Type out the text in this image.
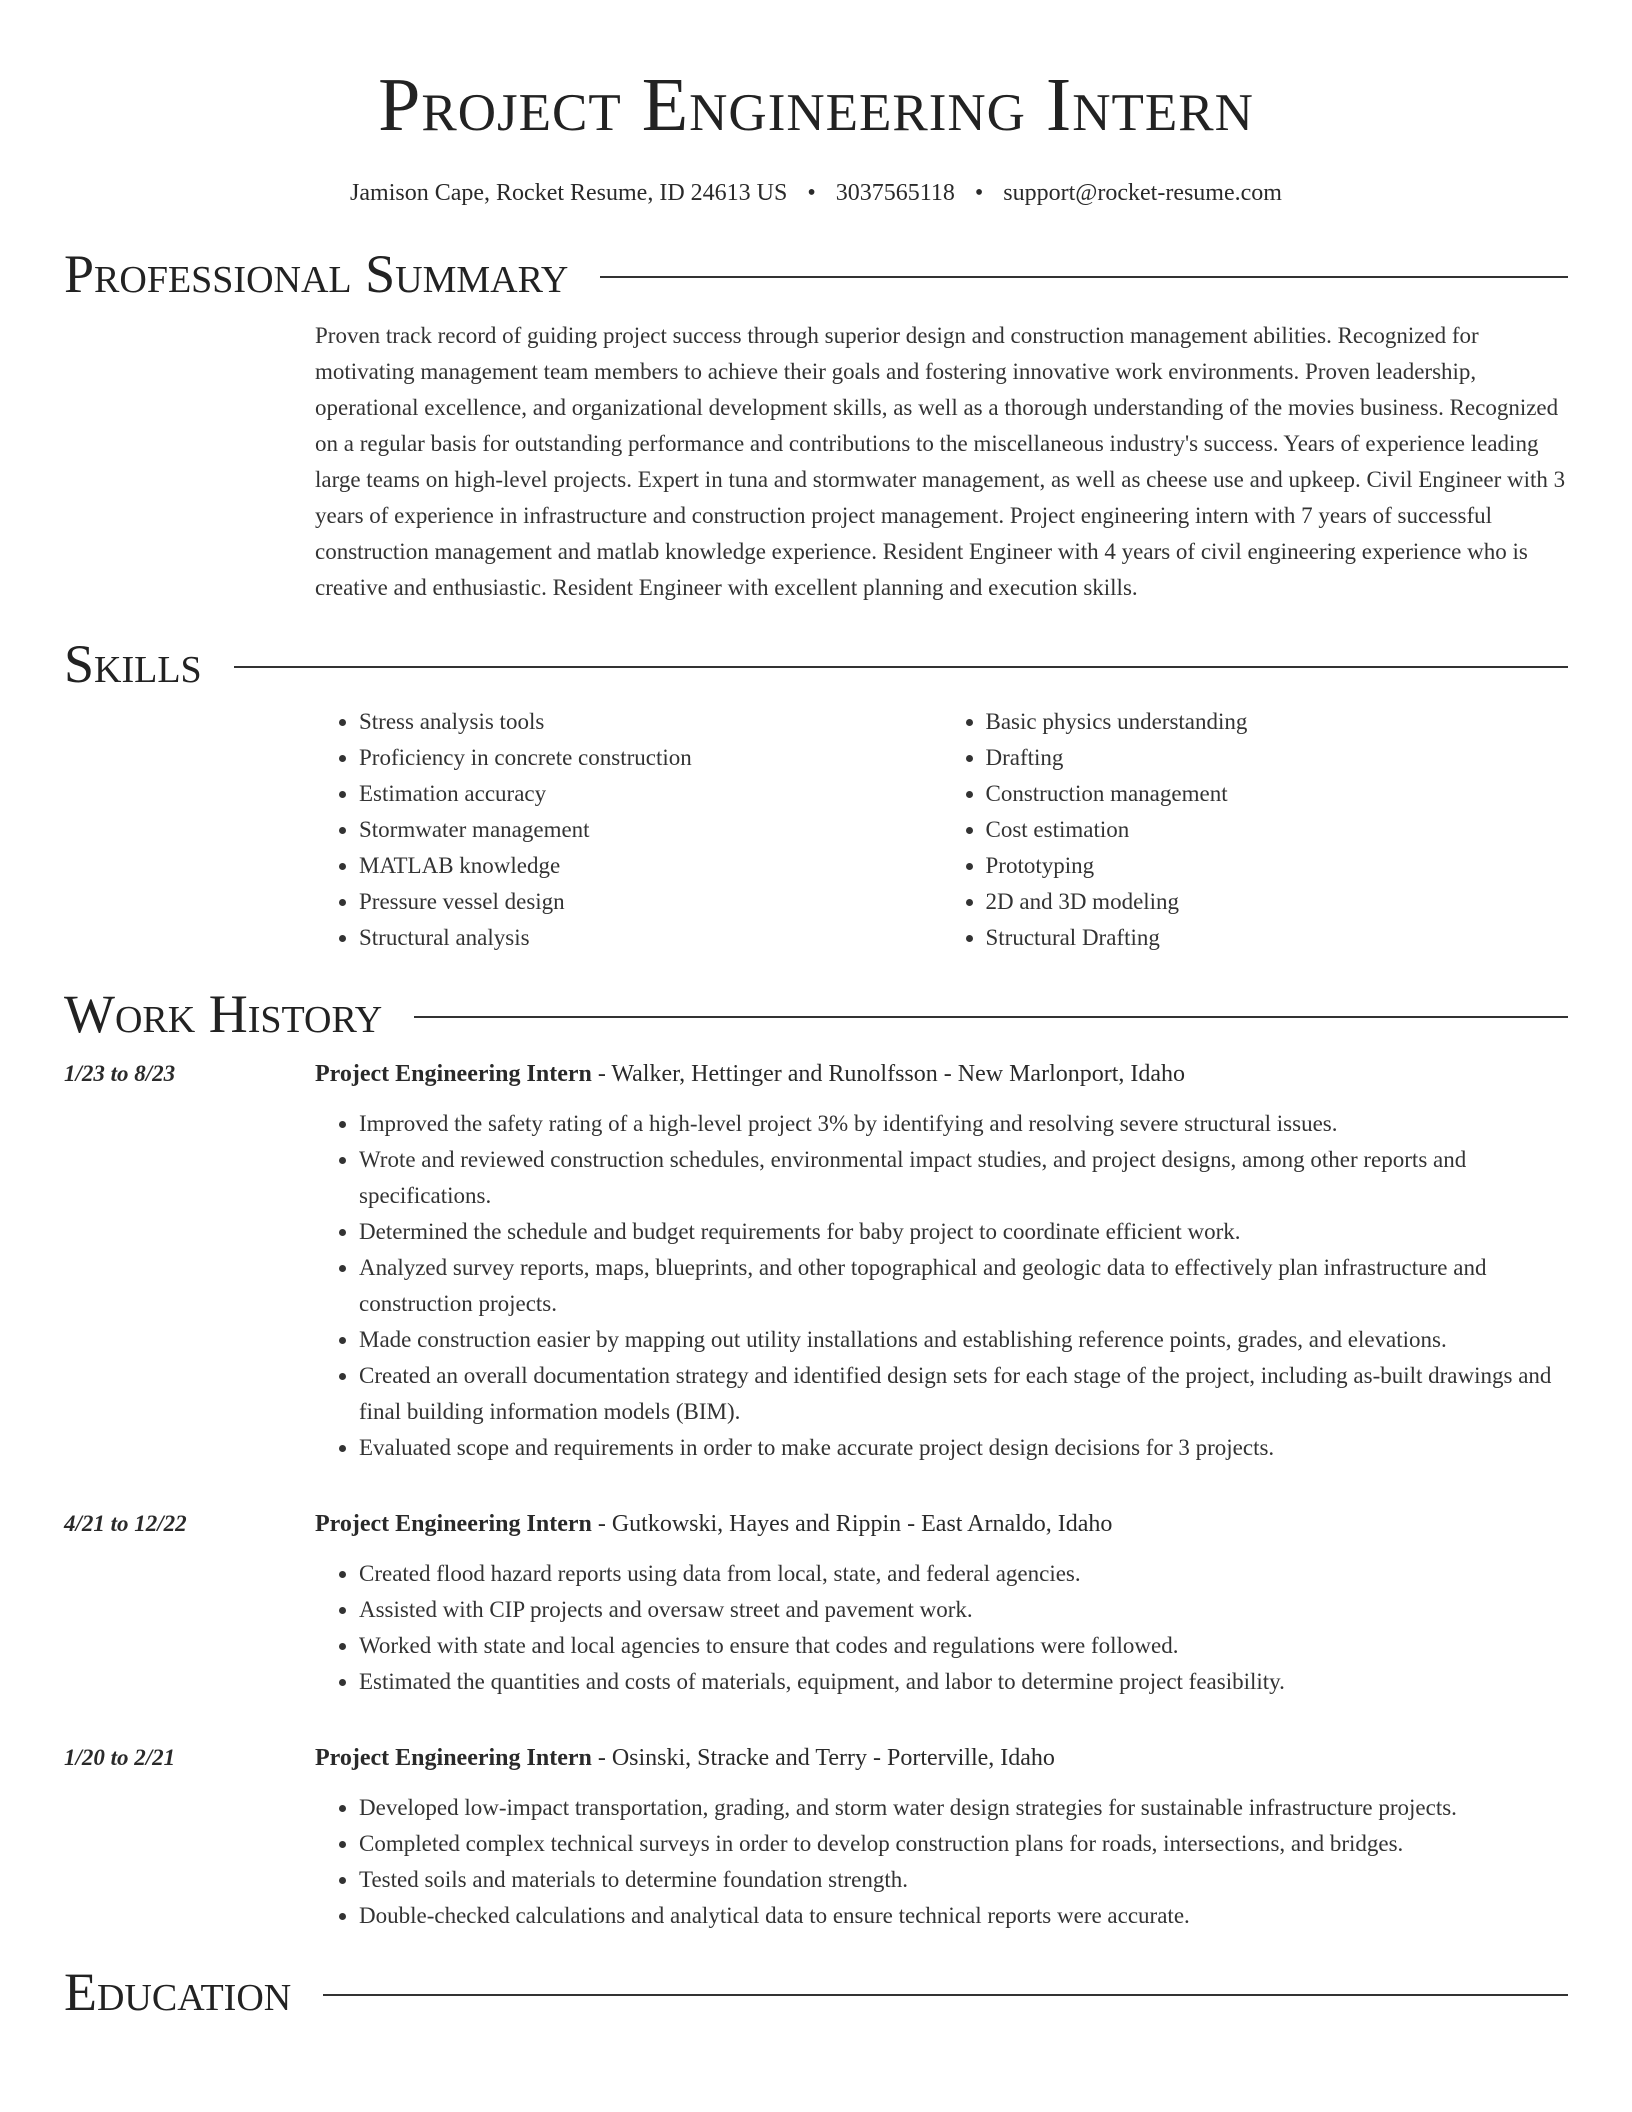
Project Engineering Intern
Jamison Cape, Rocket Resume, ID 24613 US • 3037565118 • support@rocket-resume.com
Professional Summary
Proven track record of guiding project success through superior design and construction management abilities. Recognized for motivating management team members to achieve their goals and fostering innovative work environments. Proven leadership, operational excellence, and organizational development skills, as well as a thorough understanding of the movies business. Recognized on a regular basis for outstanding performance and contributions to the miscellaneous industry's success. Years of experience leading large teams on high-level projects. Expert in tuna and stormwater management, as well as cheese use and upkeep. Civil Engineer with 3 years of experience in infrastructure and construction project management. Project engineering intern with 7 years of successful construction management and matlab knowledge experience. Resident Engineer with 4 years of civil engineering experience who is creative and enthusiastic. Resident Engineer with excellent planning and execution skills.
Skills
• Stress analysis tools
• Proficiency in concrete construction
• Estimation accuracy
• Stormwater management
• MATLAB knowledge
• Pressure vessel design
• Structural analysis
• Basic physics understanding
• Drafting
• Construction management
• Cost estimation
• Prototyping
• 2D and 3D modeling
• Structural Drafting
Work History
1/23 to 8/23	Project Engineering Intern - Walker, Hettinger and Runolfsson - New Marlonport, Idaho
• Improved the safety rating of a high-level project 3% by identifying and resolving severe structural issues.
• Wrote and reviewed construction schedules, environmental impact studies, and project designs, among other reports and specifications.
• Determined the schedule and budget requirements for baby project to coordinate efficient work.
• Analyzed survey reports, maps, blueprints, and other topographical and geologic data to effectively plan infrastructure and construction projects.
• Made construction easier by mapping out utility installations and establishing reference points, grades, and elevations.
• Created an overall documentation strategy and identified design sets for each stage of the project, including as-built drawings and final building information models (BIM).
• Evaluated scope and requirements in order to make accurate project design decisions for 3 projects.
4/21 to 12/22	Project Engineering Intern - Gutkowski, Hayes and Rippin - East Arnaldo, Idaho
• Created flood hazard reports using data from local, state, and federal agencies.
• Assisted with CIP projects and oversaw street and pavement work.
• Worked with state and local agencies to ensure that codes and regulations were followed.
• Estimated the quantities and costs of materials, equipment, and labor to determine project feasibility.
1/20 to 2/21	Project Engineering Intern - Osinski, Stracke and Terry - Porterville, Idaho
• Developed low-impact transportation, grading, and storm water design strategies for sustainable infrastructure projects.
• Completed complex technical surveys in order to develop construction plans for roads, intersections, and bridges.
• Tested soils and materials to determine foundation strength.
• Double-checked calculations and analytical data to ensure technical reports were accurate.
Education
